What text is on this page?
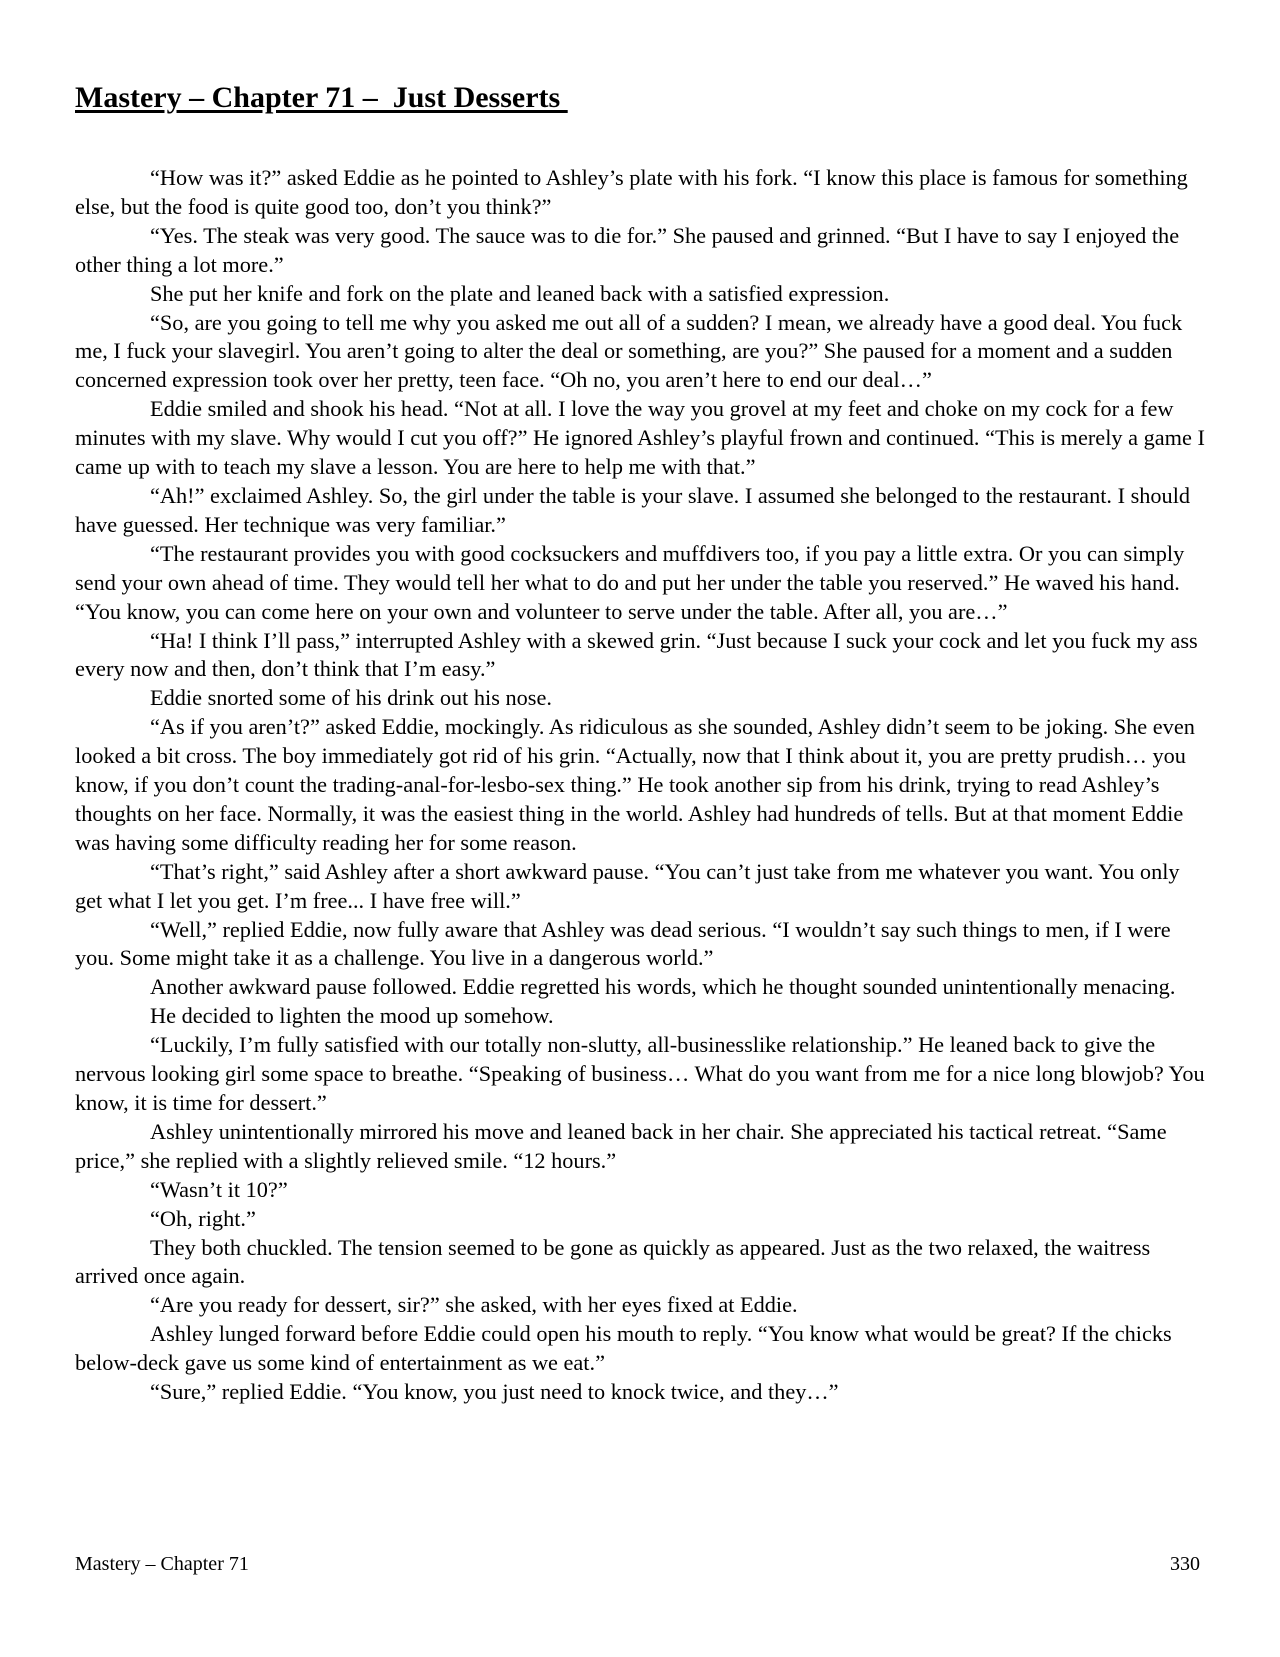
Mastery – Chapter 71 –  Just Desserts

“How was it?” asked Eddie as he pointed to Ashley’s plate with his fork. “I know this place is famous for something else, but the food is quite good too, don’t you think?”

“Yes. The steak was very good. The sauce was to die for.” She paused and grinned. “But I have to say I enjoyed the other thing a lot more.”

She put her knife and fork on the plate and leaned back with a satisfied expression.

“So, are you going to tell me why you asked me out all of a sudden? I mean, we already have a good deal. You fuck me, I fuck your slavegirl. You aren’t going to alter the deal or something, are you?” She paused for a moment and a sudden concerned expression took over her pretty, teen face. “Oh no, you aren’t here to end our deal…”

Eddie smiled and shook his head. “Not at all. I love the way you grovel at my feet and choke on my cock for a few minutes with my slave. Why would I cut you off?” He ignored Ashley’s playful frown and continued. “This is merely a game I came up with to teach my slave a lesson. You are here to help me with that.”

“Ah!” exclaimed Ashley. So, the girl under the table is your slave. I assumed she belonged to the restaurant. I should have guessed. Her technique was very familiar.”

“The restaurant provides you with good cocksuckers and muffdivers too, if you pay a little extra. Or you can simply send your own ahead of time. They would tell her what to do and put her under the table you reserved.” He waved his hand. “You know, you can come here on your own and volunteer to serve under the table. After all, you are…”

“Ha! I think I’ll pass,” interrupted Ashley with a skewed grin. “Just because I suck your cock and let you fuck my ass every now and then, don’t think that I’m easy.”

Eddie snorted some of his drink out his nose.

“As if you aren’t?” asked Eddie, mockingly. As ridiculous as she sounded, Ashley didn’t seem to be joking. She even looked a bit cross. The boy immediately got rid of his grin. “Actually, now that I think about it, you are pretty prudish… you know, if you don’t count the trading-anal-for-lesbo-sex thing.” He took another sip from his drink, trying to read Ashley’s thoughts on her face. Normally, it was the easiest thing in the world. Ashley had hundreds of tells. But at that moment Eddie was having some difficulty reading her for some reason.

“That’s right,” said Ashley after a short awkward pause. “You can’t just take from me whatever you want. You only get what I let you get. I’m free... I have free will.”

“Well,” replied Eddie, now fully aware that Ashley was dead serious. “I wouldn’t say such things to men, if I were you. Some might take it as a challenge. You live in a dangerous world.”

Another awkward pause followed. Eddie regretted his words, which he thought sounded unintentionally menacing.

He decided to lighten the mood up somehow.

“Luckily, I’m fully satisfied with our totally non-slutty, all-businesslike relationship.” He leaned back to give the nervous looking girl some space to breathe. “Speaking of business… What do you want from me for a nice long blowjob? You know, it is time for dessert.”

Ashley unintentionally mirrored his move and leaned back in her chair. She appreciated his tactical retreat. “Same price,” she replied with a slightly relieved smile. “12 hours.”

“Wasn’t it 10?”

“Oh, right.”

They both chuckled. The tension seemed to be gone as quickly as appeared. Just as the two relaxed, the waitress arrived once again.

“Are you ready for dessert, sir?” she asked, with her eyes fixed at Eddie.

Ashley lunged forward before Eddie could open his mouth to reply. “You know what would be great? If the chicks below-deck gave us some kind of entertainment as we eat.”

“Sure,” replied Eddie. “You know, you just need to knock twice, and they…”

Mastery – Chapter 71	330
